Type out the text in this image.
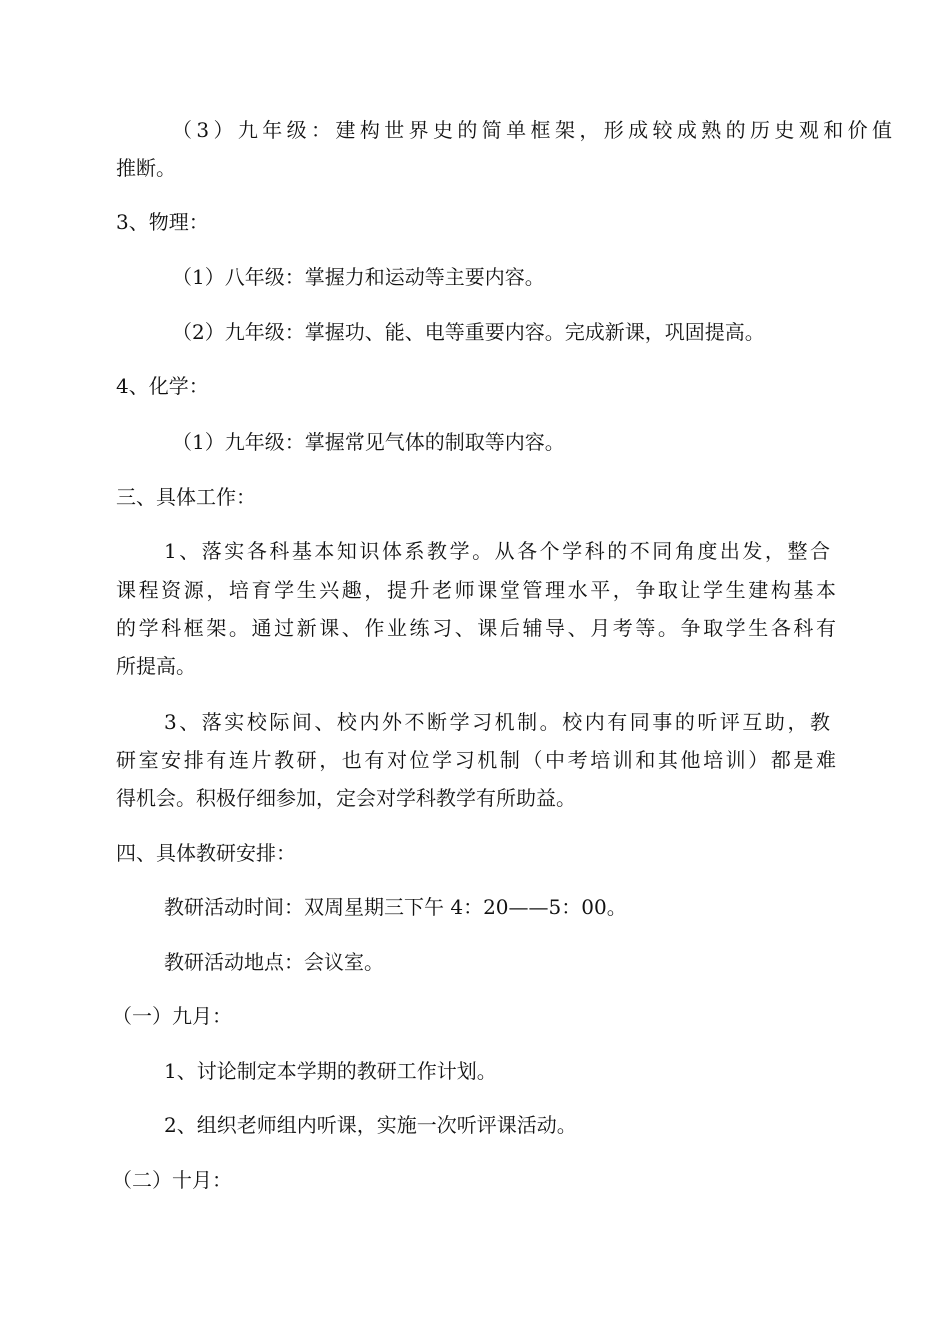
（3）九年级：建构世界史的简单框架，形成较成熟的历史观和价值
推断。
3、物理：
（1）八年级：掌握力和运动等主要内容。
（2）九年级：掌握功、能、电等重要内容。完成新课，巩固提高。
4、化学：
（1）九年级：掌握常见气体的制取等内容。
三、具体工作：
1、落实各科基本知识体系教学。从各个学科的不同角度出发，整合
课程资源，培育学生兴趣，提升老师课堂管理水平，争取让学生建构基本
的学科框架。通过新课、作业练习、课后辅导、月考等。争取学生各科有
所提高。
3、落实校际间、校内外不断学习机制。校内有同事的听评互助，教
研室安排有连片教研，也有对位学习机制（中考培训和其他培训）都是难
得机会。积极仔细参加，定会对学科教学有所助益。
四、具体教研安排：
教研活动时间：双周星期三下午 4：20——5：00。
教研活动地点：会议室。
（一）九月：
1、讨论制定本学期的教研工作计划。
2、组织老师组内听课，实施一次听评课活动。
（二）十月：
